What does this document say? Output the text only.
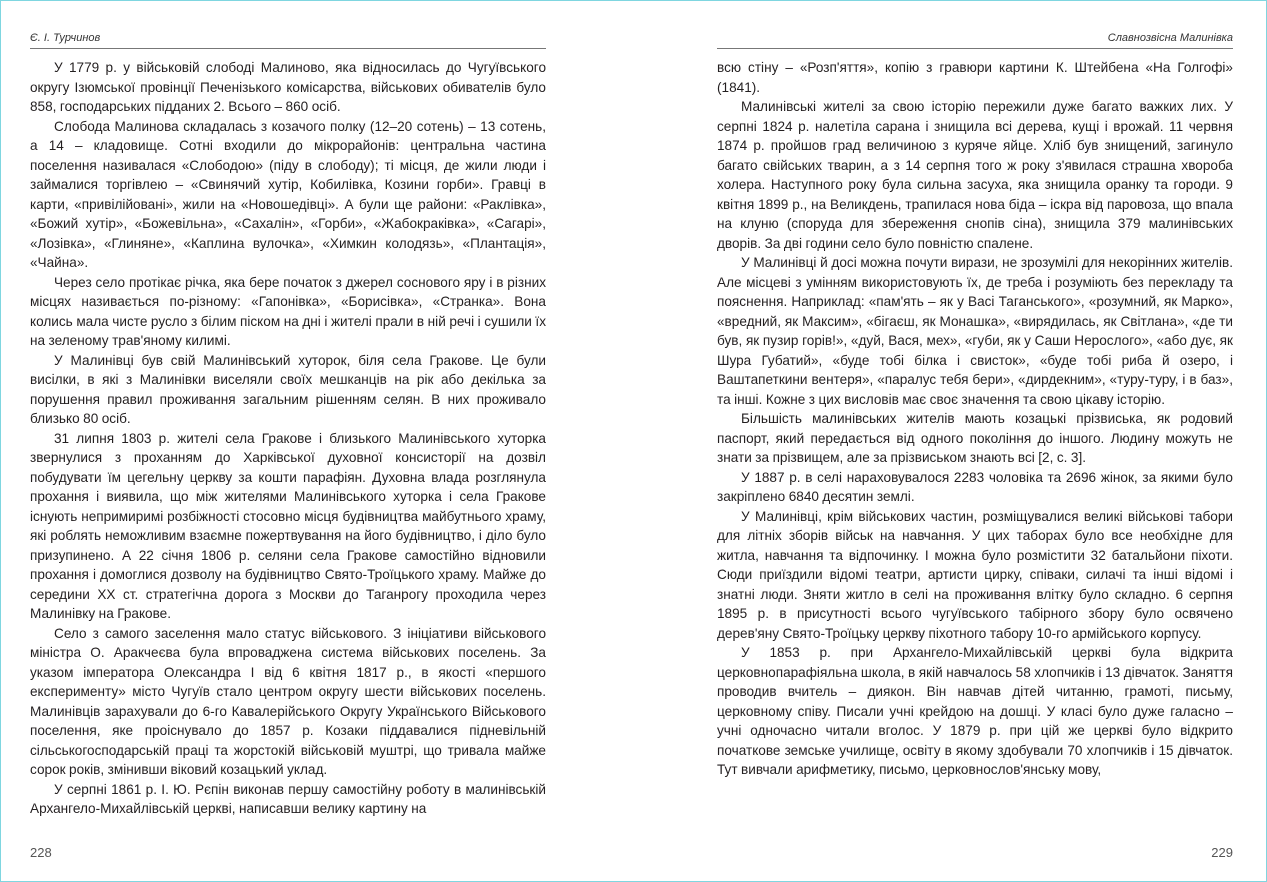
Є. І. Турчинов

У 1779 р. у військовій слободі Малиново, яка відносилась до Чугуївського округу Ізюмської провінції Печенізького комісарства, військових обивателів було 858, господарських підданих 2. Всього – 860 осіб.

Слобода Малинова складалась з козачого полку (12–20 сотень) – 13 сотень, а 14 – кладовище. Сотні входили до мікрорайонів: центральна частина поселення називалася «Слободою» (піду в слободу); ті місця, де жили люди і займалися торгівлею – «Свинячий хутір, Кобилівка, Козини горби». Гравці в карти, «привілійовані», жили на «Новошедівці». А були ще райони: «Раклівка», «Божий хутір», «Божевільна», «Сахалін», «Горби», «Жабокраківка», «Сагарі», «Лозівка», «Глиняне», «Каплина вулочка», «Химкин колодязь», «Плантація», «Чайна».

Через село протікає річка, яка бере початок з джерел соснового яру і в різних місцях називається по-різному: «Гапонівка», «Борисівка», «Странка». Вона колись мала чисте русло з білим піском на дні і жителі прали в ній речі і сушили їх на зеленому трав'яному килимі.

У Малинівці був свій Малинівський хуторок, біля села Гракове. Це були висілки, в які з Малинівки виселяли своїх мешканців на рік або декілька за порушення правил проживання загальним рішенням селян. В них проживало близько 80 осіб.

31 липня 1803 р. жителі села Гракове і близького Малинівського хуторка звернулися з проханням до Харківської духовної консисторії на дозвіл побудувати їм цегельну церкву за кошти парафіян. Духовна влада розглянула прохання і виявила, що між жителями Малинівського хуторка і села Гракове існують непримиримі розбіжності стосовно місця будівництва майбутнього храму, які роблять неможливим взаємне пожертвування на його будівництво, і діло було призупинено. А 22 січня 1806 р. селяни села Гракове самостійно відновили прохання і домоглися дозволу на будівництво Свято-Троїцького храму. Майже до середини ХХ ст. стратегічна дорога з Москви до Таганрогу проходила через Малинівку на Гракове.

Село з самого заселення мало статус військового. З ініціативи військового міністра О. Аракчеєва була впроваджена система військових поселень. За указом імператора Олександра І від 6 квітня 1817 р., в якості «першого експерименту» місто Чугуїв стало центром округу шести військових поселень. Малинівців зарахували до 6-го Кавалерійського Округу Українського Військового поселення, яке проіснувало до 1857 р. Козаки піддавалися підневільній сільськогосподарській праці та жорстокій військовій муштрі, що тривала майже сорок років, змінивши віковий козацький уклад.

У серпні 1861 р. І. Ю. Рєпін виконав першу самостійну роботу в малинівській Архангело-Михайлівській церкві, написавши велику картину на

228
Славнозвісна Малинівка

всю стіну – «Розп'яття», копію з гравюри картини К. Штейбена «На Голгофі» (1841).

Малинівські жителі за свою історію пережили дуже багато важких лих. У серпні 1824 р. налетіла сарана і знищила всі дерева, кущі і врожай. 11 червня 1874 р. пройшов град величиною з куряче яйце. Хліб був знищений, загинуло багато свійських тварин, а з 14 серпня того ж року з'явилася страшна хвороба холера. Наступного року була сильна засуха, яка знищила оранку та городи. 9 квітня 1899 р., на Великдень, трапилася нова біда – іскра від паровоза, що впала на клуню (споруда для збереження снопів сіна), знищила 379 малинівських дворів. За дві години село було повністю спалене.

У Малинівці й досі можна почути вирази, не зрозумілі для некорінних жителів. Але місцеві з умінням використовують їх, де треба і розуміють без перекладу та пояснення. Наприклад: «пам'ять – як у Васі Таганського», «розумний, як Марко», «вредний, як Максим», «бігаєш, як Монашка», «вирядилась, як Світлана», «де ти був, як пузир горів!», «дуй, Вася, мех», «губи, як у Саши Нерослого», «або дує, як Шура Губатий», «буде тобі білка і свисток», «буде тобі риба й озеро, і Ваштапеткини вентеря», «паралус тебя бери», «дирдекним», «туру-туру, і в баз», та інші. Кожне з цих висловів має своє значення та свою цікаву історію.

Більшість малинівських жителів мають козацькі прізвиська, як родовий паспорт, який передається від одного покоління до іншого. Людину можуть не знати за прізвищем, але за прізвиськом знають всі [2, с. 3].

У 1887 р. в селі нараховувалося 2283 чоловіка та 2696 жінок, за якими було закріплено 6840 десятин землі.

У Малинівці, крім військових частин, розміщувалися великі військові табори для літніх зборів військ на навчання. У цих таборах було все необхідне для житла, навчання та відпочинку. І можна було розмістити 32 батальйони піхоти. Сюди приїздили відомі театри, артисти цирку, співаки, силачі та інші відомі і знатні люди. Зняти житло в селі на проживання влітку було складно. 6 серпня 1895 р. в присутності всього чугуївського табірного збору було освячено дерев'яну Свято-Троїцьку церкву піхотного табору 10-го армійського корпусу.

У 1853 р. при Архангело-Михайлівській церкві була відкрита церковнопарафіяльна школа, в якій навчалось 58 хлопчиків і 13 дівчаток. Заняття проводив вчитель – диякон. Він навчав дітей читанню, грамоті, письму, церковному співу. Писали учні крейдою на дошці. У класі було дуже галасно – учні одночасно читали вголос. У 1879 р. при цій же церкві було відкрито початкове земське училище, освіту в якому здобували 70 хлопчиків і 15 дівчаток. Тут вивчали арифметику, письмо, церковнослов'янську мову,

229
